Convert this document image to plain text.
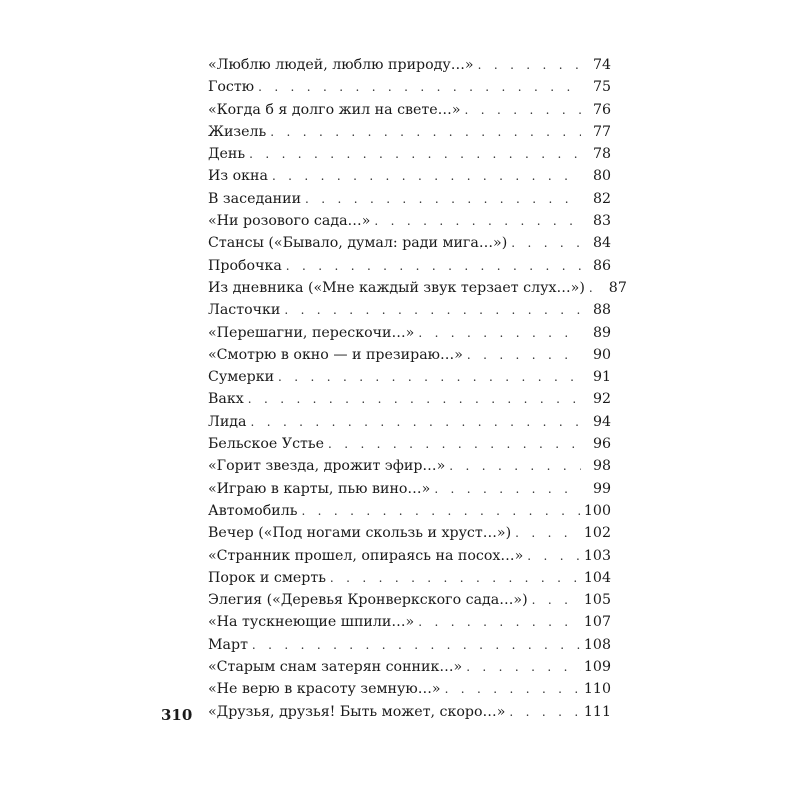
«Люблю людей, люблю природу…» . . .	74
Гостю . . .	75
«Когда б я долго жил на свете…» . . .	76
Жизель . . .	77
День . . .	78
Из окна . . .	80
В заседании . . .	82
«Ни розового сада…» . . .	83
Стансы («Бывало, думал: ради мига…») . . .	84
Пробочка . . .	86
Из дневника («Мне каждый звук терзает слух…») . . .	87
Ласточки . . .	88
«Перешагни, перескочи…» . . .	89
«Смотрю в окно — и презираю…» . . .	90
Сумерки . . .	91
Вакх . . .	92
Лида . . .	94
Бельское Устье . . .	96
«Горит звезда, дрожит эфир…» . . .	98
«Играю в карты, пью вино…» . . .	99
Автомобиль . . .	100
Вечер («Под ногами скользь и хруст…») . . .	102
«Странник прошел, опираясь на посох…» . . .	103
Порок и смерть . . .	104
Элегия («Деревья Кронверкского сада…») . . .	105
«На тускнеющие шпили…» . . .	107
Март . . .	108
«Старым снам затерян сонник…» . . .	109
«Не верю в красоту земную…» . . .	110
«Друзья, друзья! Быть может, скоро…» . . .	111
310
